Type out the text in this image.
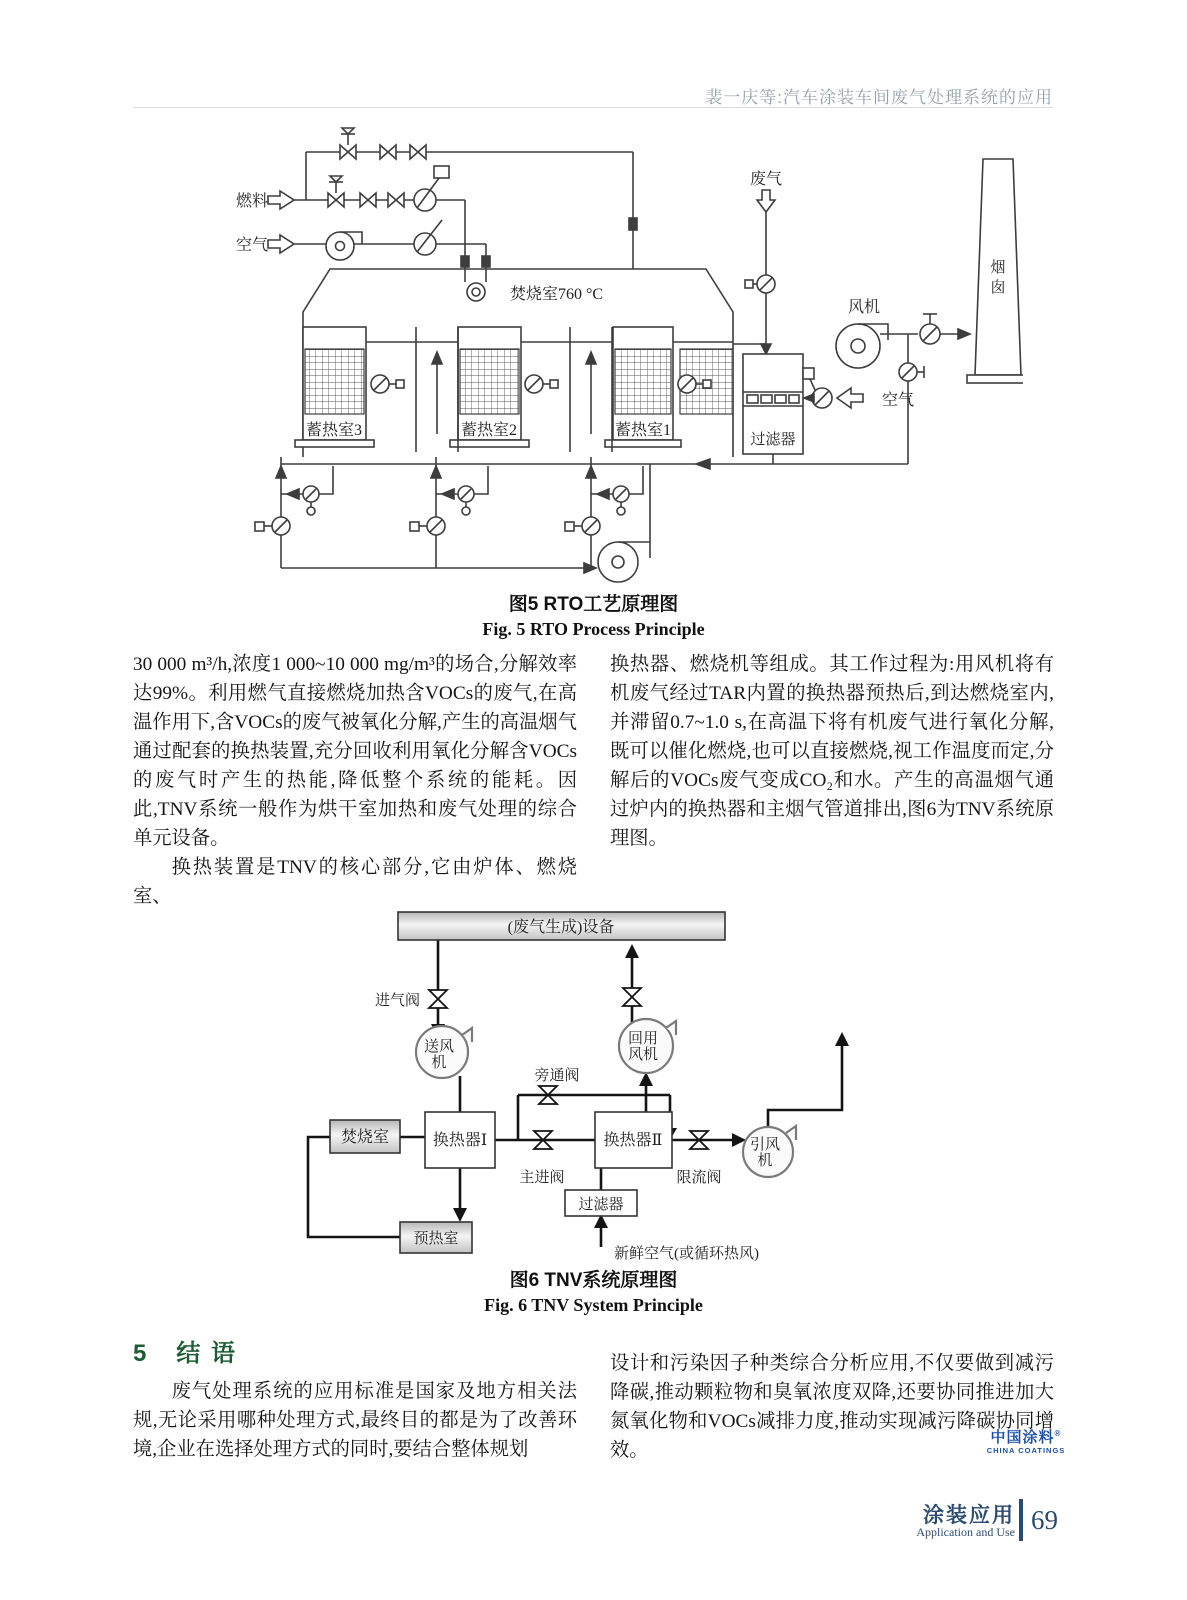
裴一庆等:汽车涂装车间废气处理系统的应用
燃料
空气
焚烧室760 °C
蓄热室3	蓄热室2	蓄热室1
废气
风机
空气
过滤器
烟
囱
图5 RTO工艺原理图
Fig. 5 RTO Process Principle

30 000 m³/h,浓度1 000~10 000 mg/m³的场合,分解效率达99%。利用燃气直接燃烧加热含VOCs的废气,在高温作用下,含VOCs的废气被氧化分解,产生的高温烟气通过配套的换热装置,充分回收利用氧化分解含VOCs的废气时产生的热能,降低整个系统的能耗。因此,TNV系统一般作为烘干室加热和废气处理的综合单元设备。

换热装置是TNV的核心部分,它由炉体、燃烧室、

换热器、燃烧机等组成。其工作过程为:用风机将有机废气经过TAR内置的换热器预热后,到达燃烧室内,并滞留0.7~1.0 s,在高温下将有机废气进行氧化分解,既可以催化燃烧,也可以直接燃烧,视工作温度而定,分解后的VOCs废气变成CO₂和水。产生的高温烟气通过炉内的换热器和主烟气管道排出,图6为TNV系统原理图。

(废气生成)设备
进气阀
送风
机
回用
风机
旁通阀
焚烧室	换热器Ⅰ	换热器Ⅱ
主进阀	限流阀
引风
机
过滤器
预热室
新鲜空气(或循环热风)
图6 TNV系统原理图
Fig. 6 TNV System Principle
5 结 语

废气处理系统的应用标准是国家及地方相关法规,无论采用哪种处理方式,最终目的都是为了改善环境,企业在选择处理方式的同时,要结合整体规划

设计和污染因子种类综合分析应用,不仅要做到减污降碳,推动颗粒物和臭氧浓度双降,还要协同推进加大氮氧化物和VOCs减排力度,推动实现减污降碳协同增效。

中国涂料®
CHINA COATINGS
涂装应用
Application and Use 69
